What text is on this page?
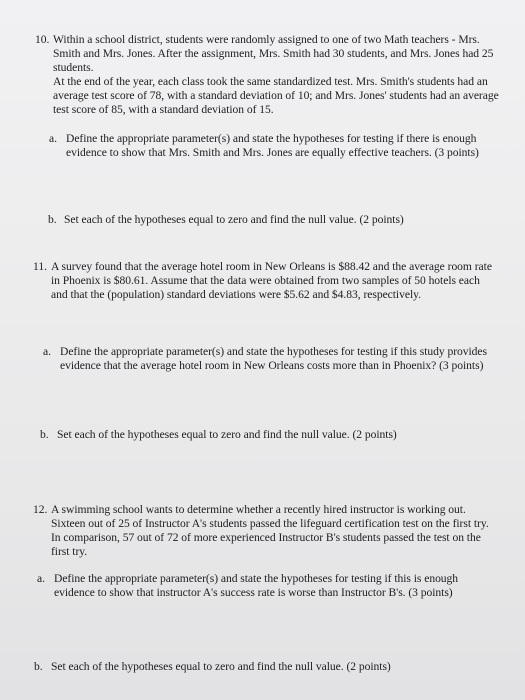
10. Within a school district, students were randomly assigned to one of two Math teachers - Mrs.
Smith and Mrs. Jones. After the assignment, Mrs. Smith had 30 students, and Mrs. Jones had 25
students.
At the end of the year, each class took the same standardized test. Mrs. Smith's students had an
average test score of 78, with a standard deviation of 10; and Mrs. Jones' students had an average
test score of 85, with a standard deviation of 15.
a. Define the appropriate parameter(s) and state the hypotheses for testing if there is enough
evidence to show that Mrs. Smith and Mrs. Jones are equally effective teachers. (3 points)
b. Set each of the hypotheses equal to zero and find the null value. (2 points)
11. A survey found that the average hotel room in New Orleans is $88.42 and the average room rate
in Phoenix is $80.61. Assume that the data were obtained from two samples of 50 hotels each
and that the (population) standard deviations were $5.62 and $4.83, respectively.
a. Define the appropriate parameter(s) and state the hypotheses for testing if this study provides
evidence that the average hotel room in New Orleans costs more than in Phoenix? (3 points)
b. Set each of the hypotheses equal to zero and find the null value. (2 points)
12. A swimming school wants to determine whether a recently hired instructor is working out.
Sixteen out of 25 of Instructor A's students passed the lifeguard certification test on the first try.
In comparison, 57 out of 72 of more experienced Instructor B's students passed the test on the
first try.
a. Define the appropriate parameter(s) and state the hypotheses for testing if this is enough
evidence to show that instructor A's success rate is worse than Instructor B's. (3 points)
b. Set each of the hypotheses equal to zero and find the null value. (2 points)
